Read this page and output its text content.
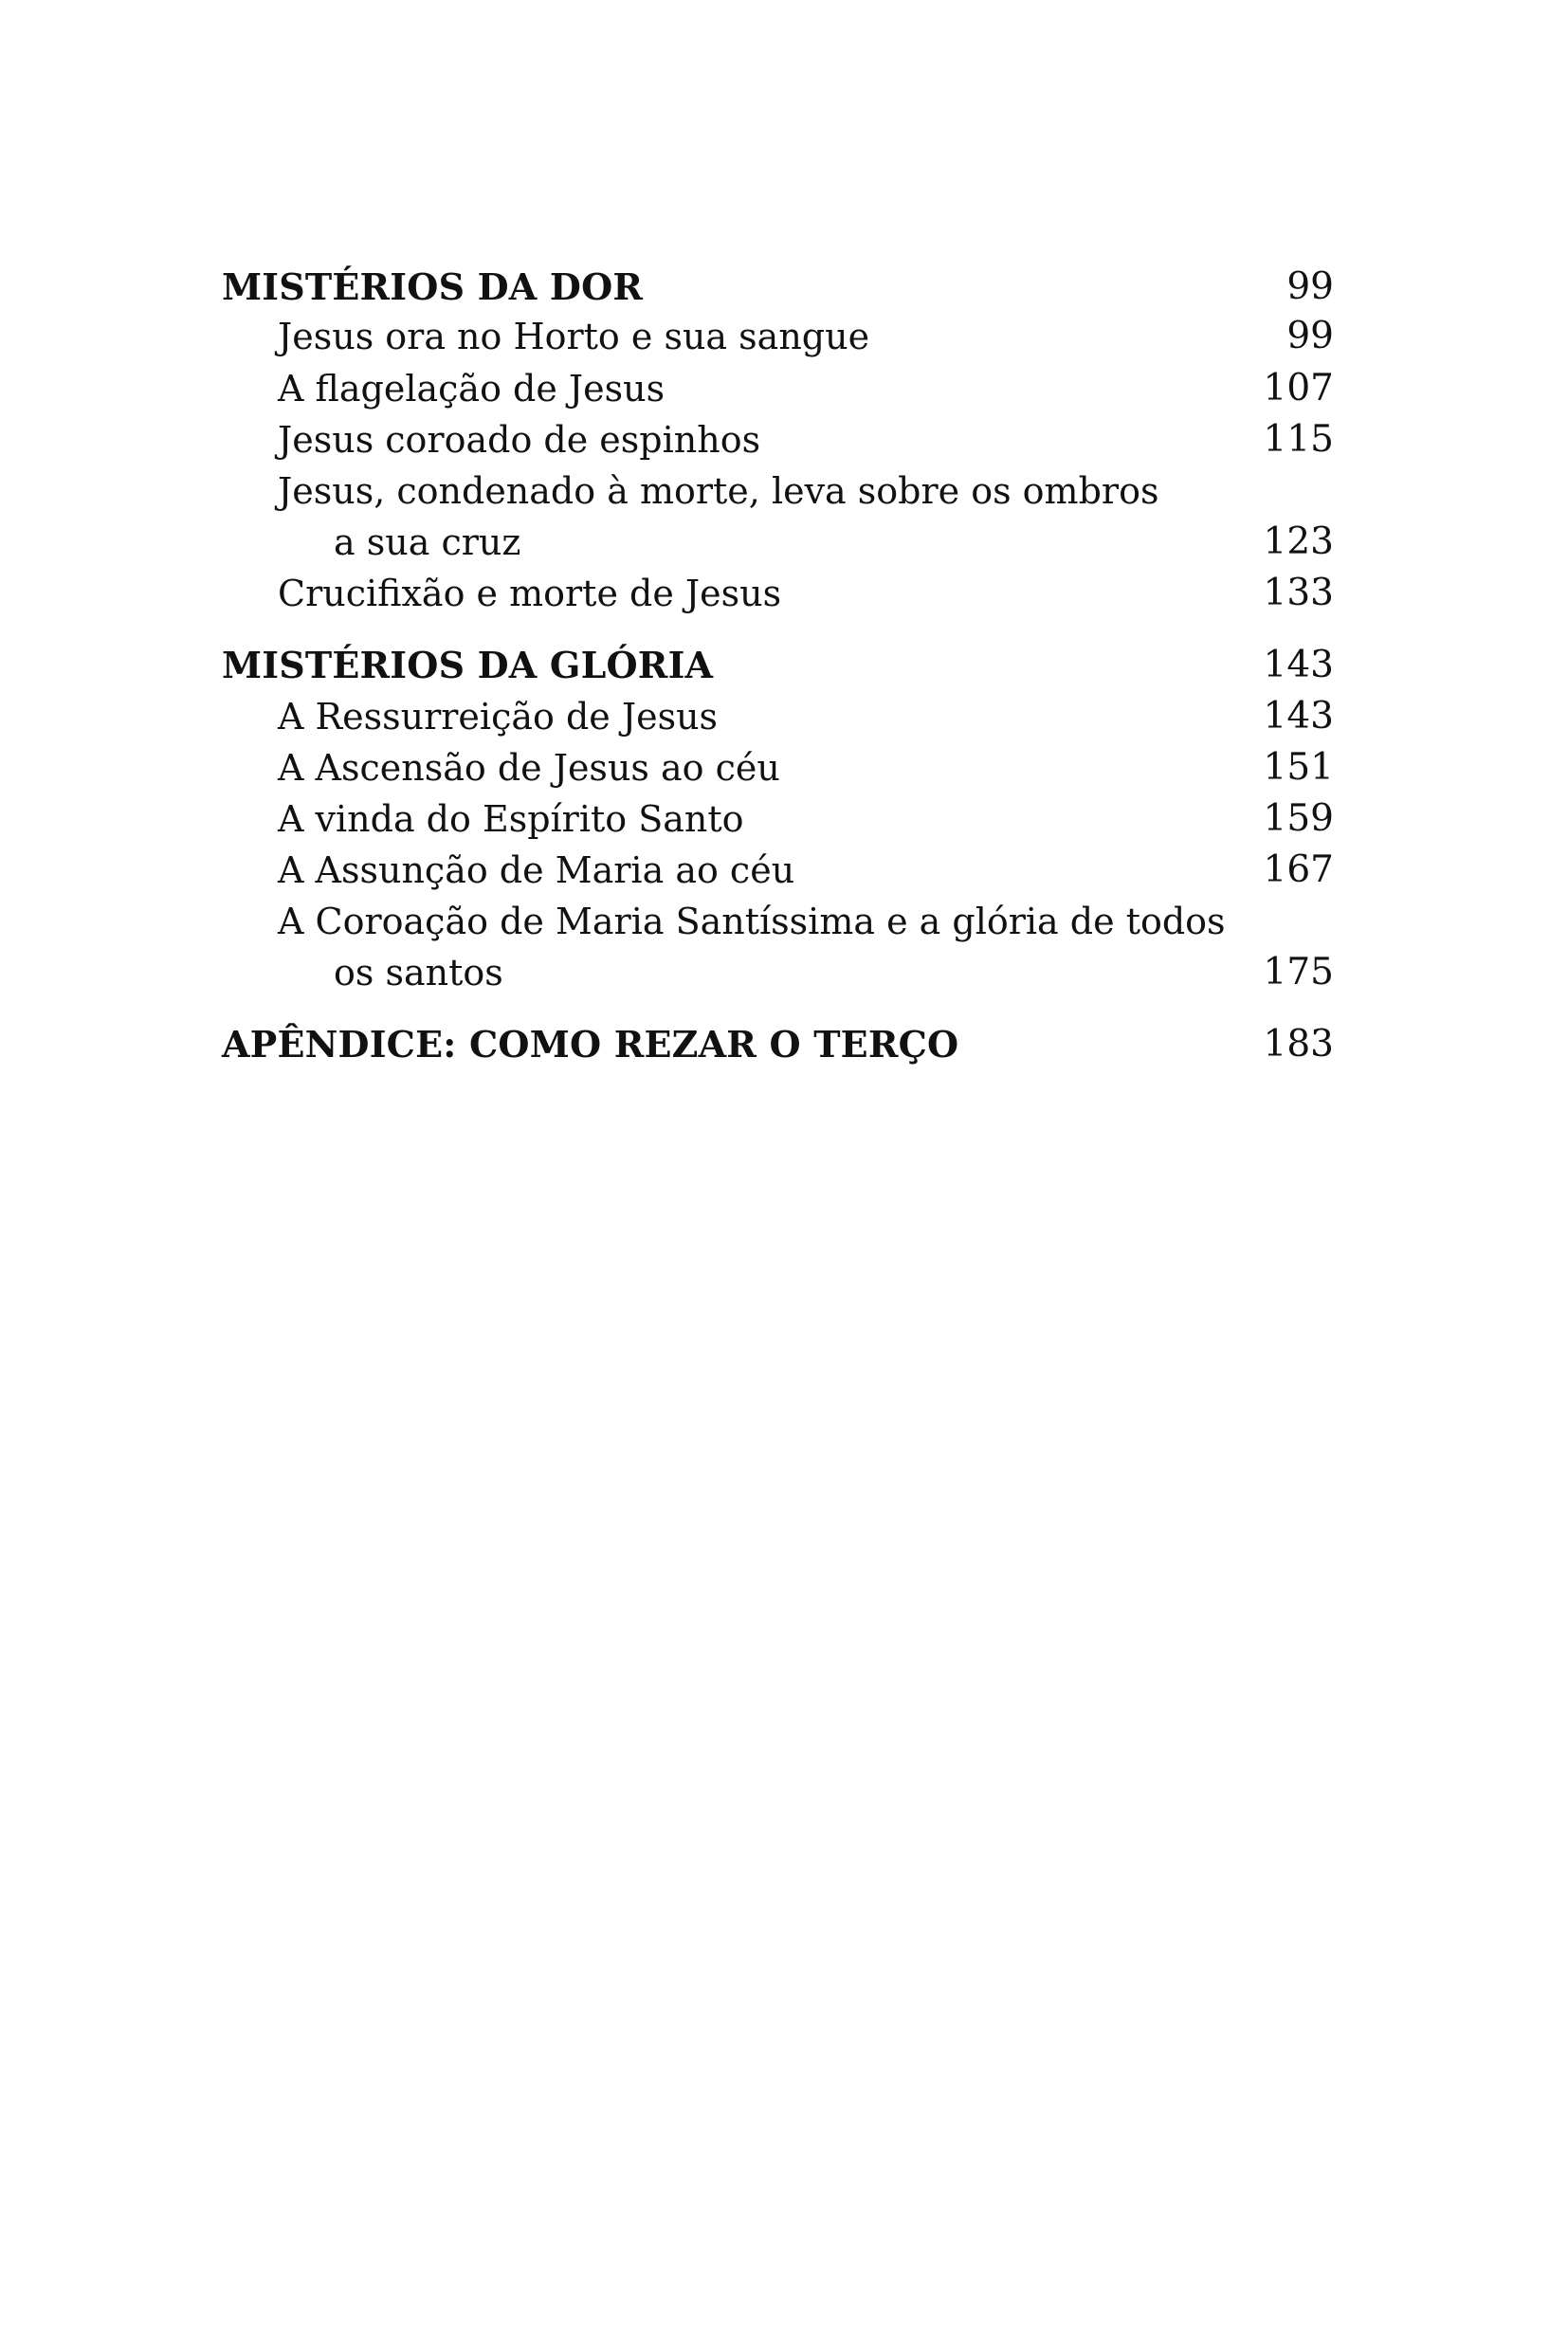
MISTÉRIOS DA DOR	99
Jesus ora no Horto e sua sangue	99
A flagelação de Jesus	107
Jesus coroado de espinhos	115
Jesus, condenado à morte, leva sobre os ombros
a sua cruz	123
Crucifixão e morte de Jesus	133
MISTÉRIOS DA GLÓRIA	143
A Ressurreição de Jesus	143
A Ascensão de Jesus ao céu	151
A vinda do Espírito Santo	159
A Assunção de Maria ao céu	167
A Coroação de Maria Santíssima e a glória de todos
os santos	175
APÊNDICE: COMO REZAR O TERÇO	183
